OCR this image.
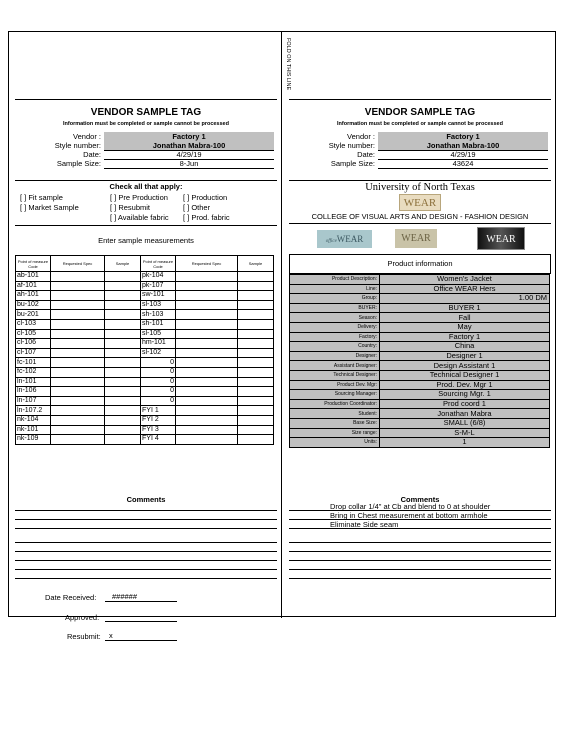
FOLD ON THIS LINE
VENDOR SAMPLE TAG
Information must be completed or sample cannot be processed
Vendor :	Factory 1
Style number:	Jonathan Mabra-100
Date:	4/29/19
Sample Size:	8-Jun
Check all that apply:
[ ] Fit sample
[ ] Market Sample
[ ] Pre Production
[ ] Resubmit
[ ] Available fabric
[ ] Production
[ ] Other
[ ] Prod. fabric
Enter sample measurements
Point of measure Code	Requested Spec	Sample	Point of measure Code	Requested Spec	Sample
ab-101			pk-104		
af-101			pk-107		
ah-101			sw-101		
bu-102			sl-103		
bu-201			sh-103		
cl-103			sh-101		
cl-105			sl-105		
cl-106			hm-101		
cl-107			sl-102		
fc-101			0		
fc-102			0		
ln-101			0		
ln-106			0		
ln-107			0		
ln-107.2			FYI 1		
nk-104			FYI 2		
nk-101			FYI 3		
nk-109			FYI 4		
Comments
Date Received:	######
Approved:
Resubmit:	x
VENDOR SAMPLE TAG
Information must be completed or sample cannot be processed
Vendor :	Factory 1
Style number:	Jonathan Mabra-100
Date:	4/29/19
Sample Size:	43624
University of North Texas
WEAR
COLLEGE OF VISUAL ARTS AND DESIGN - FASHION DESIGN
officeWEAR	WEAR	WEAR
Product information
Product Description:	Women's Jacket
Line:	Office WEAR Hers
Group:	1.00 DM
BUYER:	BUYER 1
Season:	Fall
Delivery:	May
Factory:	Factory 1
Country:	China
Designer:	Designer 1
Assistant Designer:	Design Assistant 1
Technical Designer:	Technical Designer 1
Product Dev. Mgr:	Prod. Dev. Mgr 1
Sourcing Manager:	Sourcing Mgr. 1
Production Coordinator:	Prod coord 1
Student:	Jonathan Mabra
Base Size:	SMALL (6/8)
Size range:	S-M-L
Units:	1
Comments
Drop collar 1/4" at Cb and blend to 0 at shoulder
Bring in Chest measurement at bottom armhole
Eliminate Side seam
